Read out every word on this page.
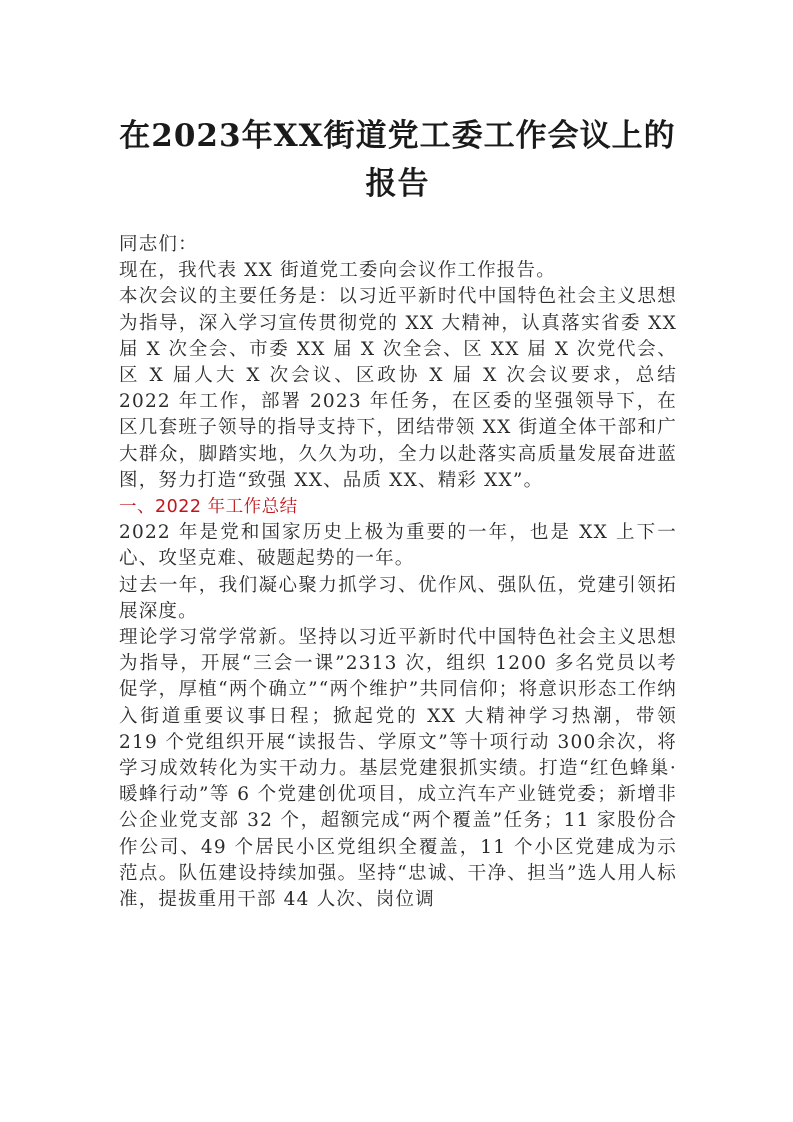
在2023年XX街道党工委工作会议上的报告

同志们：

现在，我代表 XX 街道党工委向会议作工作报告。

本次会议的主要任务是：以习近平新时代中国特色社会主义思想为指导，深入学习宣传贯彻党的 XX 大精神，认真落实省委 XX 届 X 次全会、市委 XX 届 X 次全会、区 XX 届 X 次党代会、区 X 届人大 X 次会议、区政协 X 届 X 次会议要求，总结 2022 年工作，部署 2023 年任务，在区委的坚强领导下，在区几套班子领导的指导支持下，团结带领 XX 街道全体干部和广大群众，脚踏实地，久久为功，全力以赴落实高质量发展奋进蓝图，努力打造“致强 XX、品质 XX、精彩 XX”。

一、2022 年工作总结

2022 年是党和国家历史上极为重要的一年，也是 XX 上下一心、攻坚克难、破题起势的一年。

过去一年，我们凝心聚力抓学习、优作风、强队伍，党建引领拓展深度。

理论学习常学常新。坚持以习近平新时代中国特色社会主义思想为指导，开展“三会一课”2313 次，组织 1200 多名党员以考促学，厚植“两个确立”“两个维护”共同信仰；将意识形态工作纳入街道重要议事日程；掀起党的 XX 大精神学习热潮，带领 219 个党组织开展“读报告、学原文”等十项行动 300余次，将学习成效转化为实干动力。基层党建狠抓实绩。打造“红色蜂巢·暖蜂行动”等 6 个党建创优项目，成立汽车产业链党委；新增非公企业党支部 32 个，超额完成“两个覆盖”任务；11 家股份合作公司、49 个居民小区党组织全覆盖，11 个小区党建成为示范点。队伍建设持续加强。坚持“忠诚、干净、担当”选人用人标准，提拔重用干部 44 人次、岗位调
